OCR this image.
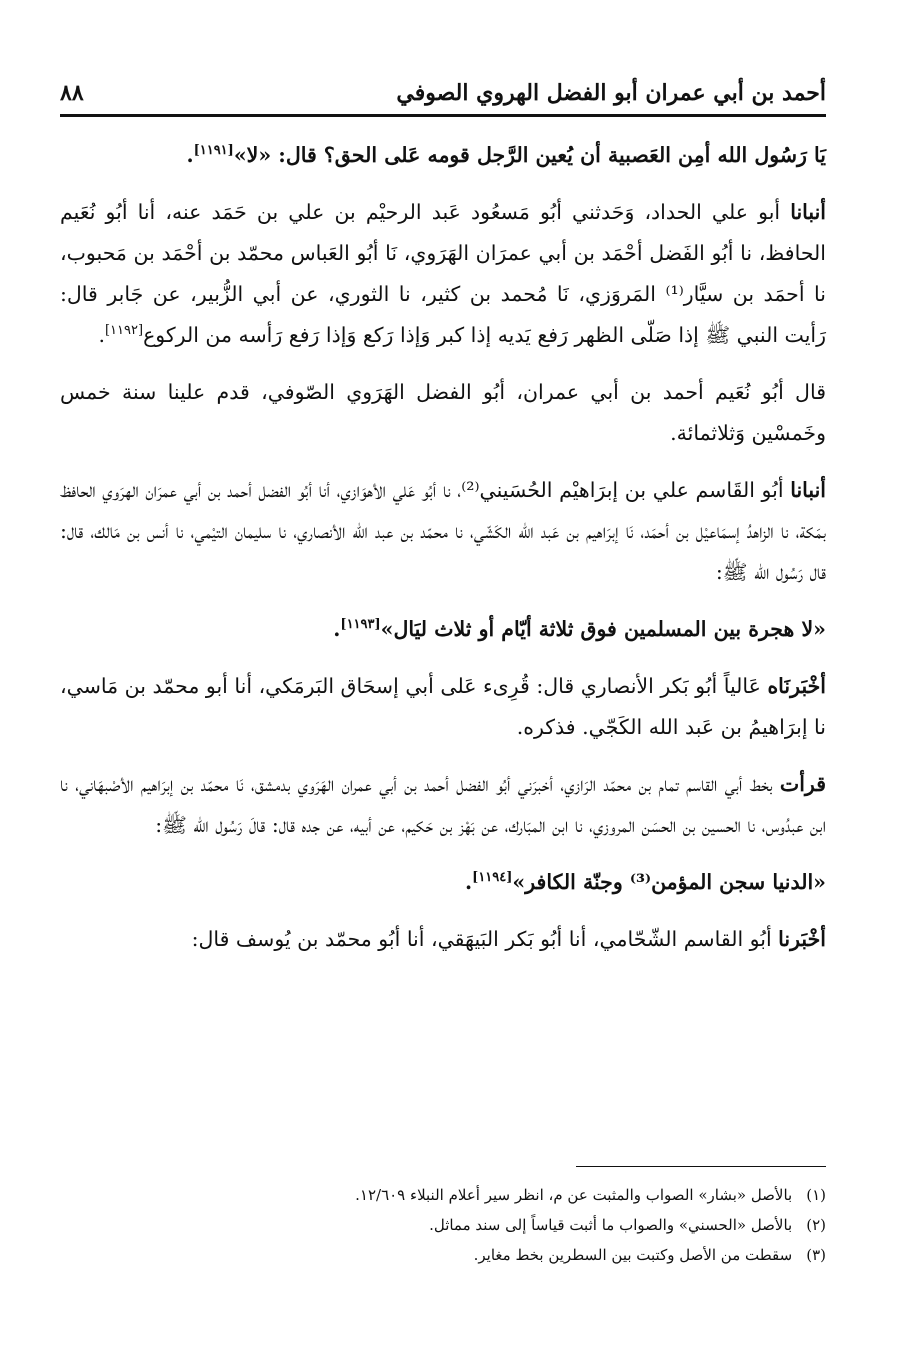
أحمد بن أبي عمران أبو الفضل الهروي الصوفي
٨٨

يَا رَسُول الله أمِن العَصبية أن يُعين الرَّجل قومه عَلى الحق؟ قال: «لا»[١١٩١].

أنبانا أبو علي الحداد، وَحَدثني أبُو مَسعُود عَبد الرحيْم بن علي بن حَمَد عنه، أنا أبُو نُعَيم الحافظ، نا أبُو الفَضل أحْمَد بن أبي عمرَان الهَرَوي، نَا أبُو العَباس محمّد بن أحْمَد بن مَحبوب، نا أحمَد بن سيَّار⁽¹⁾ المَروَزي، نَا مُحمد بن كثير، نا الثوري، عن أبي الزُّبير، عن جَابر قال: رَأيت النبي ﷺ إذا صَلّى الظهر رَفع يَديه إذا كبر وَإذا رَكع وَإذا رَفع رَأسه من الركوع[١١٩٢].

قال أبُو نُعَيم أحمد بن أبي عمران، أبُو الفضل الهَرَوي الصّوفي، قدم علينا سنة خمس وخَمسْين وَثلاثمائة.

أنبانا أبُو القَاسم علي بن إبرَاهيْم الحُسَيني⁽²⁾، نا أبُو عَلي الأهوَازي، أنا أبُو الفضل أحمد بن أبي عمرَان الهرَوي الحافظ بمَكة، نا الزاهدُ إسمَاعيْل بن أحمَد، نَا إبرَاهيم بن عَبد الله الكَشّي، نا محمّد بن عبد الله الأنصاري، نا سليمان التيْمي، نا أنس بن مَالك، قال: قال رَسُول الله ﷺ:

«لا هجرة بين المسلمين فوق ثلاثة أيّام أو ثلاث ليَال»[١١٩٣].

أخْبَرنَاه عَالياً أبُو بَكر الأنصاري قال: قُرِىء عَلى أبي إسحَاق البَرمَكي، أنا أبو محمّد بن مَاسي، نا إبرَاهيمُ بن عَبد الله الكَجّي. فذكره.

قرأت بخط أبي القاسم تمام بن محمّد الرَازي، أخبرَني أبُو الفضل أحمد بن أبي عمران الهَرَوي بدمشق، نَا محمّد بن إبرَاهيم الأصْبهَاني، نا ابن عبدُوس، نا الحسين بن الحسَن المروزي، نا ابن المبَارك، عن بَهْز بن حَكيم، عن أبيه، عن جده قال: قالَ رَسُول الله ﷺ:

«الدنيا سجن المؤمن⁽³⁾ وجنّة الكافر»[١١٩٤].

أخْبَرنا أبُو القاسم الشّحّامي، أنا أبُو بَكر البَيهَقي، أنا أبُو محمّد بن يُوسف قال:

(١)
بالأصل «بشار» الصواب والمثبت عن م، انظر سير أعلام النبلاء ١٢/٦٠٩.
(٢)
بالأصل «الحسني» والصواب ما أثبت قياساً إلى سند مماثل.
(٣)
سقطت من الأصل وكتبت بين السطرين بخط مغاير.
